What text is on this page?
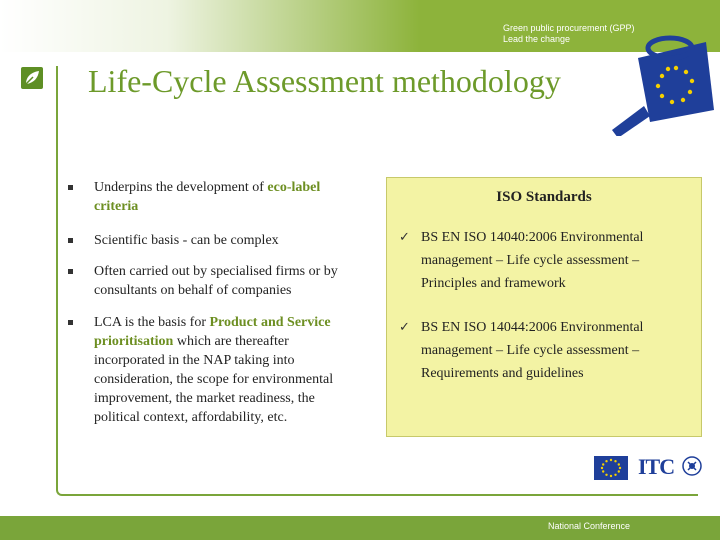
Green public procurement (GPP)
Lead the change
Life-Cycle Assessment methodology
Underpins the development of eco-label criteria
Scientific basis - can be complex
Often carried out by specialised firms or by consultants on behalf of companies
LCA is the basis for Product and Service prioritisation which are thereafter incorporated in the NAP taking into consideration, the scope for environmental improvement, the market readiness, the political context, affordability, etc.
ISO Standards
✓ BS EN ISO 14040:2006 Environmental management – Life cycle assessment – Principles and framework
✓ BS EN ISO 14044:2006 Environmental management – Life cycle assessment – Requirements and guidelines
ITC
National Conference
